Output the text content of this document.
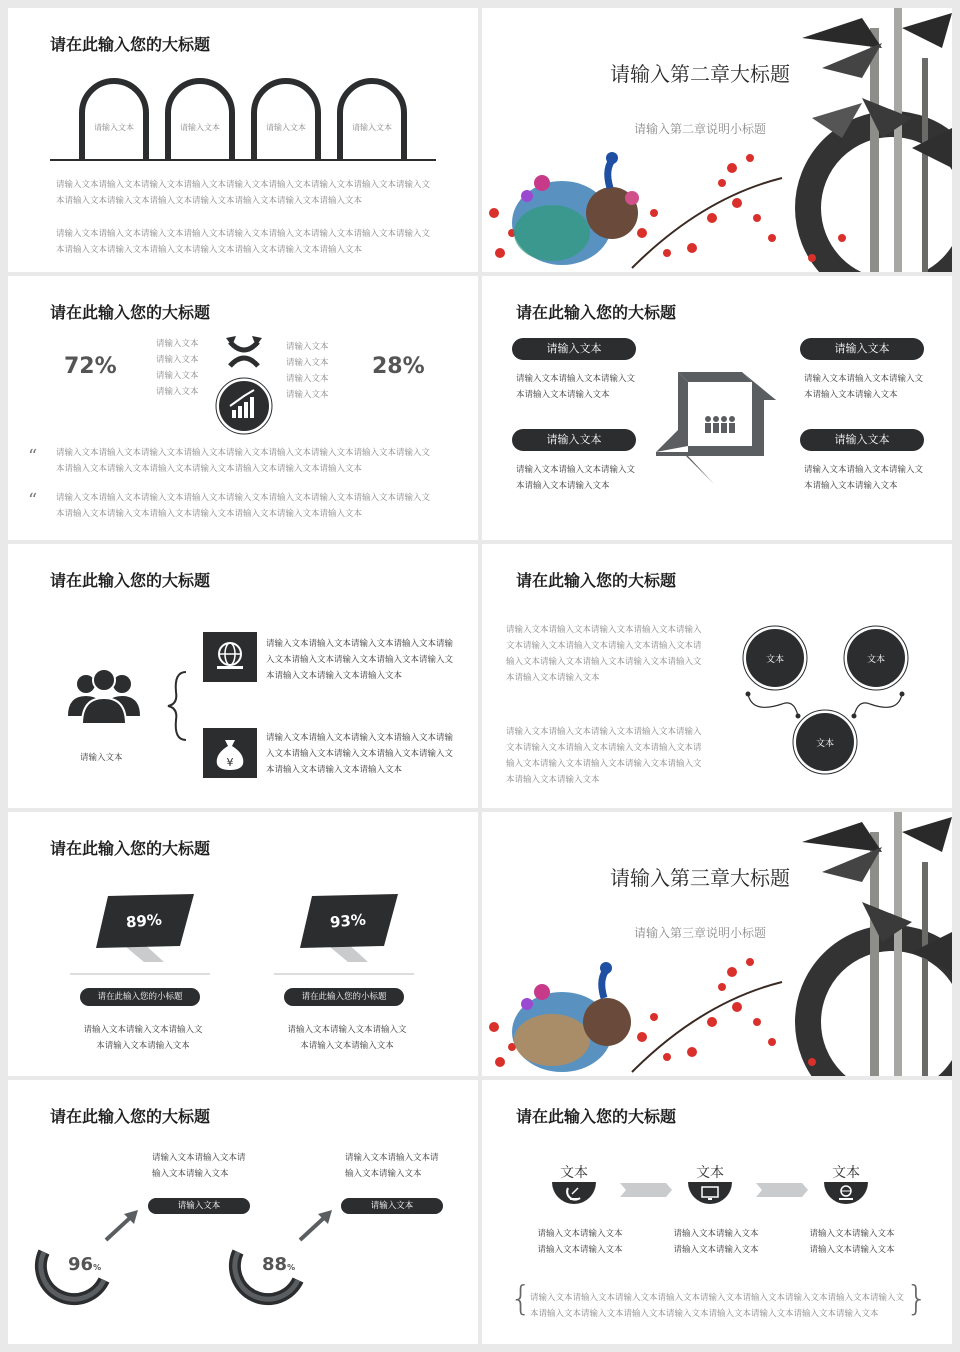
请在此输入您的大标题
请输入文本	请输入文本	请输入文本	请输入文本
请输入文本请输入文本请输入文本请输入文本请输入文本请输入文本请输入文本请输入文本请输入文本请输入文本请输入文本请输入文本请输入文本请输入文本请输入文本请输入文本
请输入文本请输入文本请输入文本请输入文本请输入文本请输入文本请输入文本请输入文本请输入文本请输入文本请输入文本请输入文本请输入文本请输入文本请输入文本请输入文本
请输入第二章大标题
请输入第二章说明小标题
请在此输入您的大标题
72%	28%
请输入文本
请输入文本
请输入文本
请输入文本
请输入文本
请输入文本
请输入文本
请输入文本
“
“
请输入文本请输入文本请输入文本请输入文本请输入文本请输入文本请输入文本请输入文本请输入文本请输入文本请输入文本请输入文本请输入文本请输入文本请输入文本请输入文本
请输入文本请输入文本请输入文本请输入文本请输入文本请输入文本请输入文本请输入文本请输入文本请输入文本请输入文本请输入文本请输入文本请输入文本请输入文本请输入文本
请在此输入您的大标题
请输入文本	请输入文本
请输入文本	请输入文本
请输入文本请输入文本请输入文本请输入文本请输入文本
请输入文本请输入文本请输入文本请输入文本请输入文本
请输入文本请输入文本请输入文本请输入文本请输入文本
请输入文本请输入文本请输入文本请输入文本请输入文本
请在此输入您的大标题
请输入文本	¥
请输入文本请输入文本请输入文本请输入文本请输入文本请输入文本请输入文本请输入文本请输入文本请输入文本请输入文本请输入文本
请输入文本请输入文本请输入文本请输入文本请输入文本请输入文本请输入文本请输入文本请输入文本请输入文本请输入文本请输入文本
请在此输入您的大标题
请输入文本请输入文本请输入文本请输入文本请输入文本请输入文本请输入文本请输入文本请输入文本请输入文本请输入文本请输入文本请输入文本请输入文本请输入文本请输入文本
请输入文本请输入文本请输入文本请输入文本请输入文本请输入文本请输入文本请输入文本请输入文本请输入文本请输入文本请输入文本请输入文本请输入文本请输入文本请输入文本
文本	文本
文本
请在此输入您的大标题
89%	93%
请在此输入您的小标题	请在此输入您的小标题
请输入文本请输入文本请输入文本请输入文本请输入文本
请输入文本请输入文本请输入文本请输入文本请输入文本
请输入第三章大标题
请输入第三章说明小标题
请在此输入您的大标题
96%	88%
请输入文本请输入文本请输入文本请输入文本
请输入文本请输入文本请输入文本请输入文本
请输入文本	请输入文本
请在此输入您的大标题
文本	文本	文本
请输入文本请输入文本请输入文本请输入文本
请输入文本请输入文本请输入文本请输入文本
请输入文本请输入文本请输入文本请输入文本
{	}
请输入文本请输入文本请输入文本请输入文本请输入文本请输入文本请输入文本请输入文本请输入文本请输入文本请输入文本请输入文本请输入文本请输入文本请输入文本请输入文本请输入文本
